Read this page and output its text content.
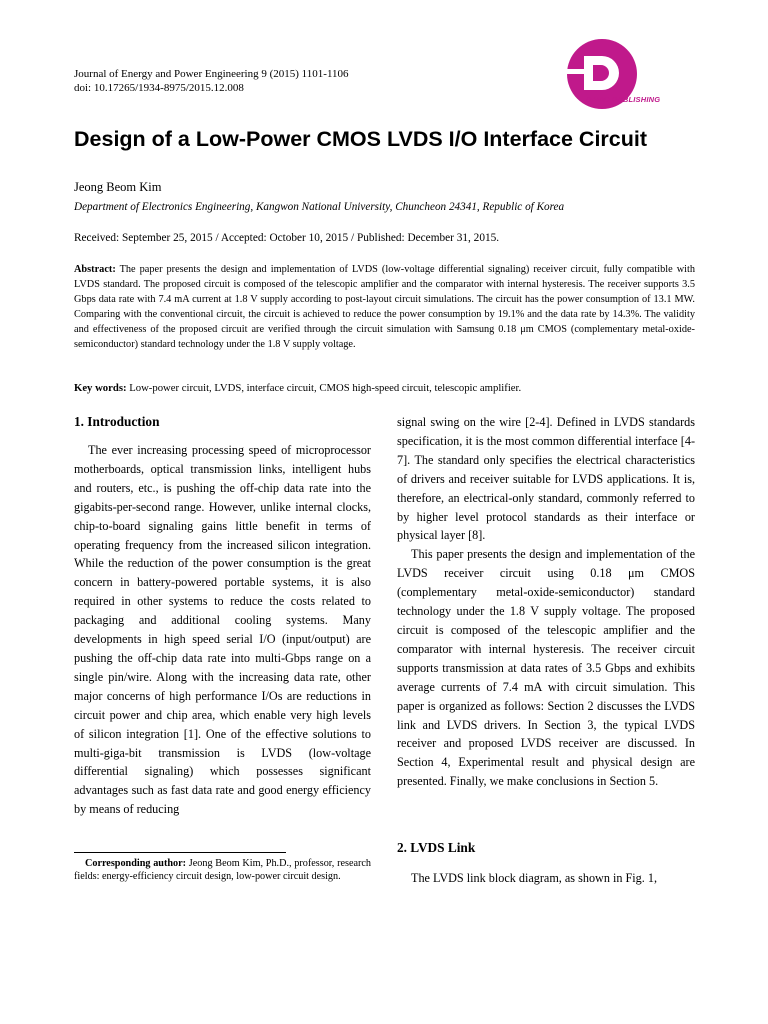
Journal of Energy and Power Engineering 9 (2015) 1101-1106
doi: 10.17265/1934-8975/2015.12.008
DAVID PUBLISHING
Design of a Low-Power CMOS LVDS I/O Interface Circuit
Jeong Beom Kim
Department of Electronics Engineering, Kangwon National University, Chuncheon 24341, Republic of Korea
Received: September 25, 2015 / Accepted: October 10, 2015 / Published: December 31, 2015.

Abstract: The paper presents the design and implementation of LVDS (low-voltage differential signaling) receiver circuit, fully compatible with LVDS standard. The proposed circuit is composed of the telescopic amplifier and the comparator with internal hysteresis. The receiver supports 3.5 Gbps data rate with 7.4 mA current at 1.8 V supply according to post-layout circuit simulations. The circuit has the power consumption of 13.1 MW. Comparing with the conventional circuit, the circuit is achieved to reduce the power consumption by 19.1% and the data rate by 14.3%. The validity and effectiveness of the proposed circuit are verified through the circuit simulation with Samsung 0.18 μm CMOS (complementary metal-oxide-semiconductor) standard technology under the 1.8 V supply voltage.

Key words: Low-power circuit, LVDS, interface circuit, CMOS high-speed circuit, telescopic amplifier.
1. Introduction

The ever increasing processing speed of microprocessor motherboards, optical transmission links, intelligent hubs and routers, etc., is pushing the off-chip data rate into the gigabits-per-second range. However, unlike internal clocks, chip-to-board signaling gains little benefit in terms of operating frequency from the increased silicon integration. While the reduction of the power consumption is the great concern in battery-powered portable systems, it is also required in other systems to reduce the costs related to packaging and additional cooling systems. Many developments in high speed serial I/O (input/output) are pushing the off-chip data rate into multi-Gbps range on a single pin/wire. Along with the increasing data rate, other major concerns of high performance I/Os are reductions in circuit power and chip area, which enable very high levels of silicon integration [1]. One of the effective solutions to multi-giga-bit transmission is LVDS (low-voltage differential signaling) which possesses significant advantages such as fast data rate and good energy efficiency by means of reducing

signal swing on the wire [2-4]. Defined in LVDS standards specification, it is the most common differential interface [4-7]. The standard only specifies the electrical characteristics of drivers and receiver suitable for LVDS applications. It is, therefore, an electrical-only standard, commonly referred to by higher level protocol standards as their interface or physical layer [8].

This paper presents the design and implementation of the LVDS receiver circuit using 0.18 μm CMOS (complementary metal-oxide-semiconductor) standard technology under the 1.8 V supply voltage. The proposed circuit is composed of the telescopic amplifier and the comparator with internal hysteresis. The receiver circuit supports transmission at data rates of 3.5 Gbps and exhibits average currents of 7.4 mA with circuit simulation. This paper is organized as follows: Section 2 discusses the LVDS link and LVDS drivers. In Section 3, the typical LVDS receiver and proposed LVDS receiver are discussed. In Section 4, Experimental result and physical design are presented. Finally, we make conclusions in Section 5.

2. LVDS Link

The LVDS link block diagram, as shown in Fig. 1,

Corresponding author: Jeong Beom Kim, Ph.D., professor, research fields: energy-efficiency circuit design, low-power circuit design.
